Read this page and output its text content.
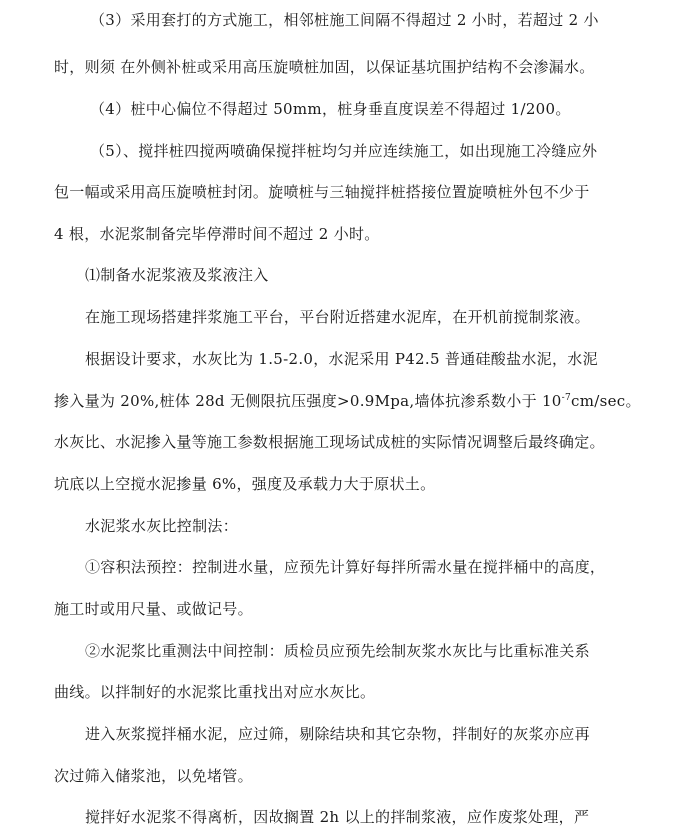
（3）采用套打的方式施工，相邻桩施工间隔不得超过 2 小时，若超过 2 小
时，则须 在外侧补桩或采用高压旋喷桩加固，以保证基坑围护结构不会渗漏水。
（4）桩中心偏位不得超过 50mm，桩身垂直度误差不得超过 1/200。
（5）、搅拌桩四搅两喷确保搅拌桩均匀并应连续施工，如出现施工冷缝应外
包一幅或采用高压旋喷桩封闭。旋喷桩与三轴搅拌桩搭接位置旋喷桩外包不少于
4 根，水泥浆制备完毕停滞时间不超过 2 小时。
⑴制备水泥浆液及浆液注入
在施工现场搭建拌浆施工平台，平台附近搭建水泥库，在开机前搅制浆液。
根据设计要求，水灰比为 1.5-2.0，水泥采用 P42.5 普通硅酸盐水泥，水泥
掺入量为 20%,桩体 28d 无侧限抗压强度>0.9Mpa,墙体抗渗系数小于 $10^{-7}cm/\sec$。
水灰比、水泥掺入量等施工参数根据施工现场试成桩的实际情况调整后最终确定。
坑底以上空搅水泥掺量 6%，强度及承载力大于原状土。
水泥浆水灰比控制法：
①容积法预控：控制进水量，应预先计算好每拌所需水量在搅拌桶中的高度，
施工时或用尺量、或做记号。
②水泥浆比重测法中间控制：质检员应预先绘制灰浆水灰比与比重标准关系
曲线。以拌制好的水泥浆比重找出对应水灰比。
进入灰浆搅拌桶水泥，应过筛，剔除结块和其它杂物，拌制好的灰浆亦应再
次过筛入储浆池，以免堵管。
搅拌好水泥浆不得离析，因故搁置 2h 以上的拌制浆液，应作废浆处理，严
